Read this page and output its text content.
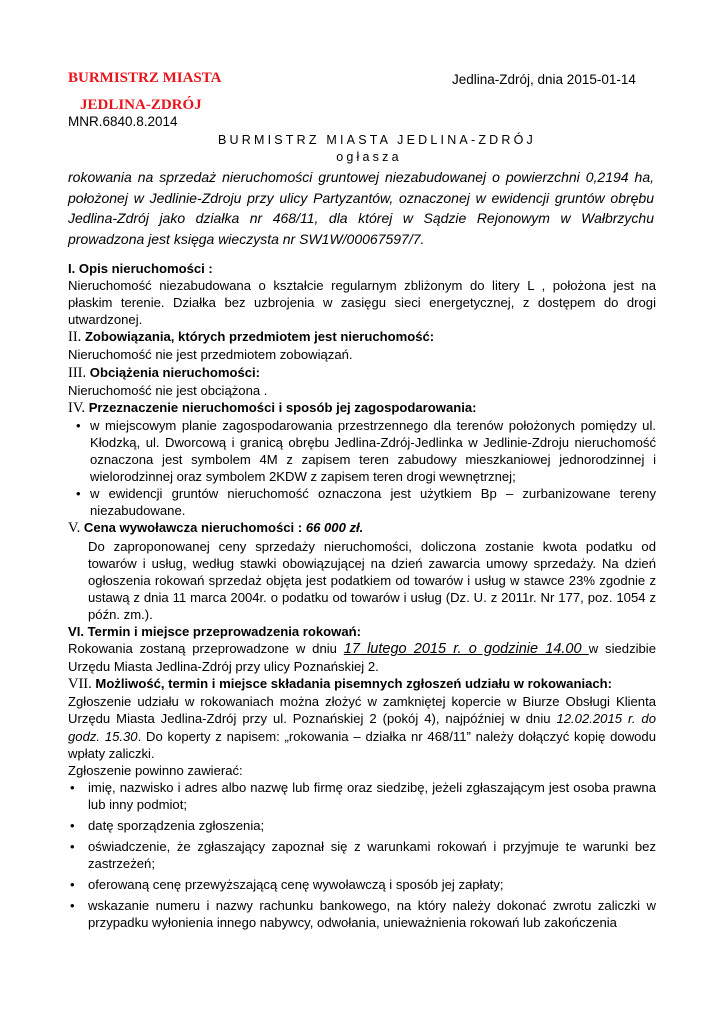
BURMISTRZ MIASTA
JEDLINA-ZDRÓJ
Jedlina-Zdrój, dnia 2015-01-14
MNR.6840.8.2014
BURMISTRZ MIASTA JEDLINA-ZDRÓJ
ogłasza
rokowania na sprzedaż nieruchomości gruntowej niezabudowanej o powierzchni 0,2194 ha, położonej w Jedlinie-Zdroju przy ulicy Partyzantów, oznaczonej w ewidencji gruntów obrębu Jedlina-Zdrój jako działka nr 468/11, dla której w Sądzie Rejonowym w Wałbrzychu prowadzona jest księga wieczysta nr SW1W/00067597/7.
I. Opis nieruchomości :

Nieruchomość niezabudowana o kształcie regularnym zbliżonym do litery L , położona jest na płaskim terenie. Działka bez uzbrojenia w zasięgu sieci energetycznej, z dostępem do drogi utwardzonej.

II. Zobowiązania, których przedmiotem jest nieruchomość:

Nieruchomość nie jest przedmiotem zobowiązań.

III. Obciążenia nieruchomości:

Nieruchomość nie jest obciążona .

IV. Przeznaczenie nieruchomości i sposób jej zagospodarowania:
• w miejscowym planie zagospodarowania przestrzennego dla terenów położonych pomiędzy ul. Kłodzką, ul. Dworcową i granicą obrębu Jedlina-Zdrój-Jedlinka w Jedlinie-Zdroju nieruchomość oznaczona jest symbolem 4M z zapisem teren zabudowy mieszkaniowej jednorodzinnej i wielorodzinnej oraz symbolem 2KDW z zapisem teren drogi wewnętrznej;
• w ewidencji gruntów nieruchomość oznaczona jest użytkiem Bp – zurbanizowane tereny niezabudowane.
V. Cena wywoławcza nieruchomości : 66 000 zł.

Do zaproponowanej ceny sprzedaży nieruchomości, doliczona zostanie kwota podatku od towarów i usług, według stawki obowiązującej na dzień zawarcia umowy sprzedaży. Na dzień ogłoszenia rokowań sprzedaż objęta jest podatkiem od towarów i usług w stawce 23% zgodnie z ustawą z dnia 11 marca 2004r. o podatku od towarów i usług (Dz. U. z 2011r. Nr 177, poz. 1054 z późn. zm.).

VI. Termin i miejsce przeprowadzenia rokowań:

Rokowania zostaną przeprowadzone w dniu 17 lutego 2015 r. o godzinie 14.00 w siedzibie Urzędu Miasta Jedlina-Zdrój przy ulicy Poznańskiej 2.

VII. Możliwość, termin i miejsce składania pisemnych zgłoszeń udziału w rokowaniach:

Zgłoszenie udziału w rokowaniach można złożyć w zamkniętej kopercie w Biurze Obsługi Klienta Urzędu Miasta Jedlina-Zdrój przy ul. Poznańskiej 2 (pokój 4), najpóźniej w dniu 12.02.2015 r. do godz. 15.30. Do koperty z napisem: „rokowania – działka nr 468/11” należy dołączyć kopię dowodu wpłaty zaliczki.

Zgłoszenie powinno zawierać:

• imię, nazwisko i adres albo nazwę lub firmę oraz siedzibę, jeżeli zgłaszającym jest osoba prawna lub inny podmiot;
• datę sporządzenia zgłoszenia;
• oświadczenie, że zgłaszający zapoznał się z warunkami rokowań i przyjmuje te warunki bez zastrzeżeń;
• oferowaną cenę przewyższającą cenę wywoławczą i sposób jej zapłaty;
• wskazanie numeru i nazwy rachunku bankowego, na który należy dokonać zwrotu zaliczki w przypadku wyłonienia innego nabywcy, odwołania, unieważnienia rokowań lub zakończenia
